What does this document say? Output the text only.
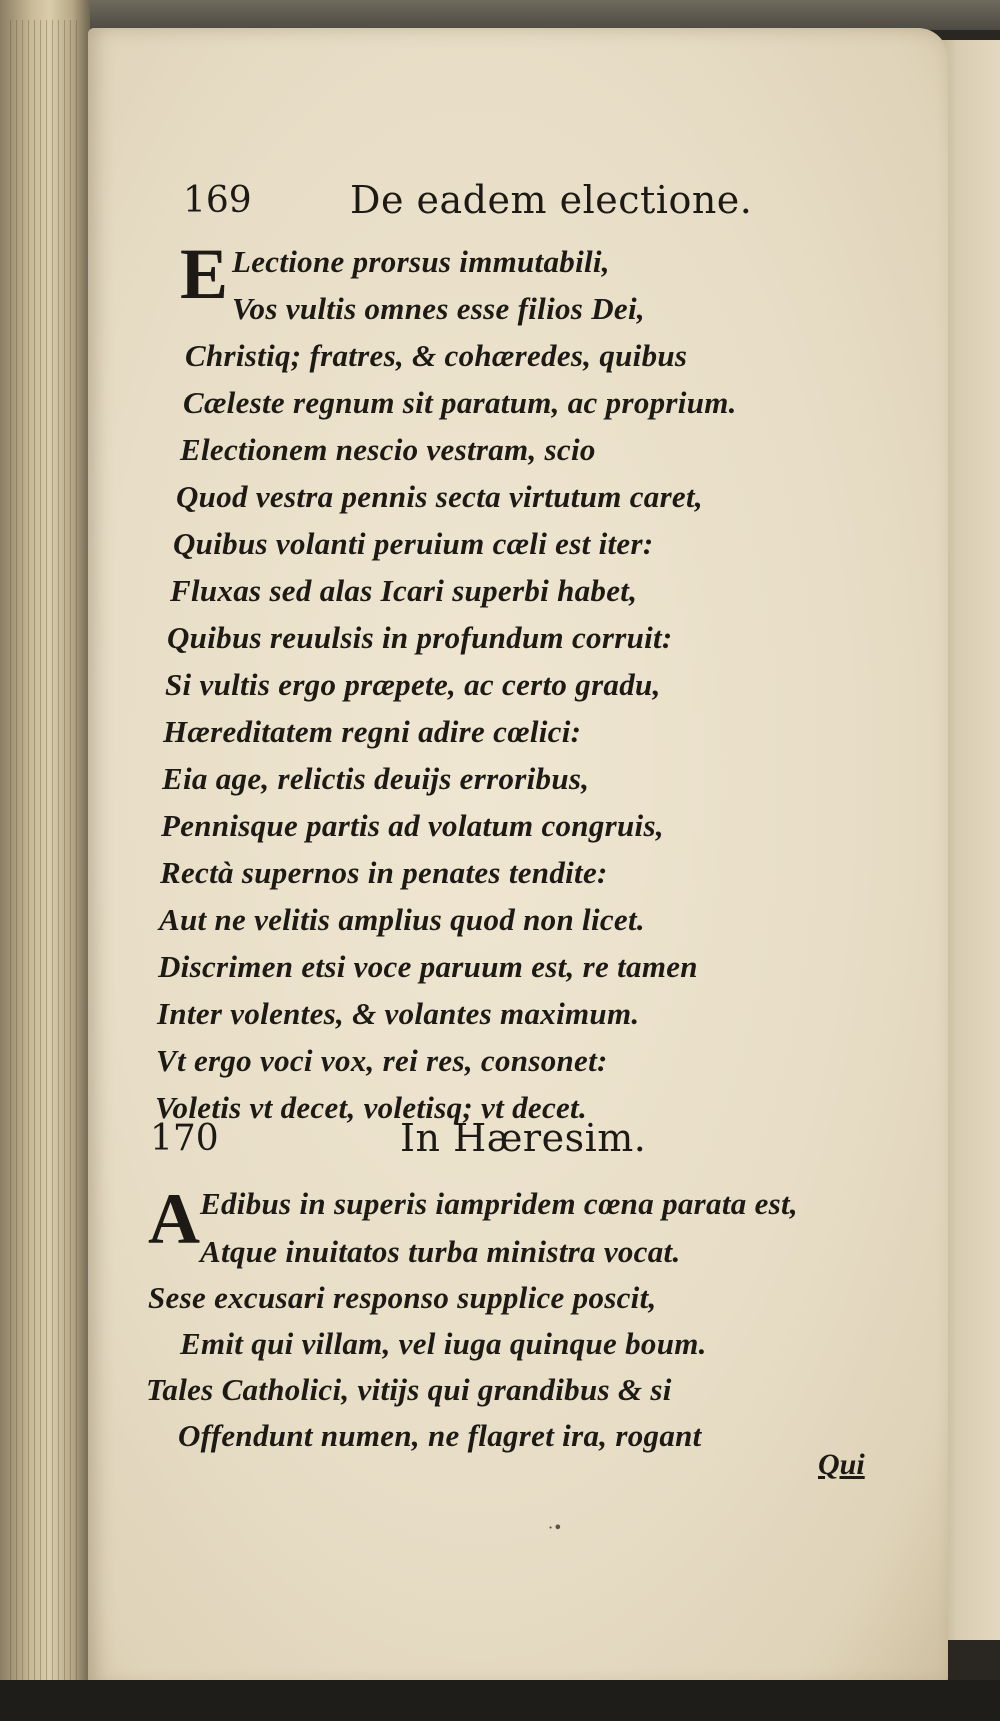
169	De eadem electione.
E Lectione prorsus immutabili,
Vos vultis omnes esse filios Dei,
Christiq; fratres, & cohæredes, quibus
Cæleste regnum sit paratum, ac proprium.
Electionem nescio vestram, scio
Quod vestra pennis secta virtutum caret,
Quibus volanti peruium cæli est iter:
Fluxas sed alas Icari superbi habet,
Quibus reuulsis in profundum corruit:
Si vultis ergo præpete, ac certo gradu,
Hæreditatem regni adire cœlici:
Eia age, relictis deuijs erroribus,
Pennisque partis ad volatum congruis,
Rectà supernos in penates tendite:
Aut ne velitis amplius quod non licet.
Discrimen etsi voce paruum est, re tamen
Inter volentes, & volantes maximum.
Vt ergo voci vox, rei res, consonet:
Voletis vt decet, voletisq; vt decet.
170	In Hæresim.
A Edibus in superis iampridem cœna parata est,
Atque inuitatos turba ministra vocat.
Sese excusari responso supplice poscit,
Emit qui villam, vel iuga quinque boum.
Tales Catholici, vitijs qui grandibus & si
Offendunt numen, ne flagret ira, rogant
Qui
·•
